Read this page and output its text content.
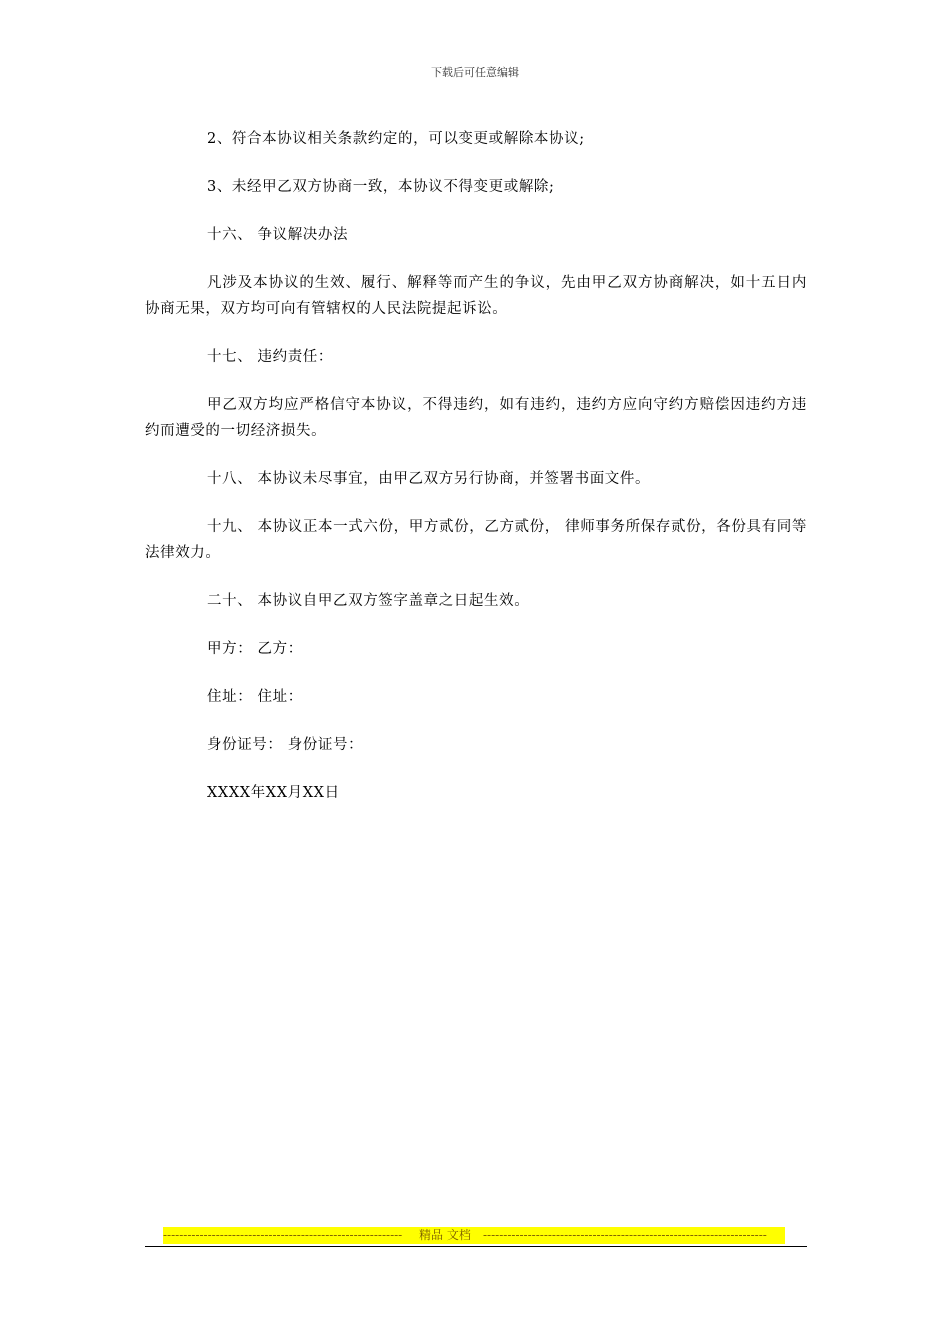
下载后可任意编辑

2、符合本协议相关条款约定的，可以变更或解除本协议;

3、未经甲乙双方协商一致，本协议不得变更或解除;

十六、 争议解决办法

凡涉及本协议的生效、履行、解释等而产生的争议，先由甲乙双方协商解决，如十五日内协商无果，双方均可向有管辖权的人民法院提起诉讼。

十七、 违约责任：

甲乙双方均应严格信守本协议，不得违约，如有违约，违约方应向守约方赔偿因违约方违约而遭受的一切经济损失。

十八、 本协议未尽事宜，由甲乙双方另行协商，并签署书面文件。

十九、 本协议正本一式六份，甲方贰份，乙方贰份， 律师事务所保存贰份，各份具有同等法律效力。

二十、 本协议自甲乙双方签字盖章之日起生效。

甲方： 乙方：

住址： 住址：

身份证号： 身份证号：

XXXX年XX月XX日

-----------------------------------------------------------	精品 文档	----------------------------------------------------------------------
